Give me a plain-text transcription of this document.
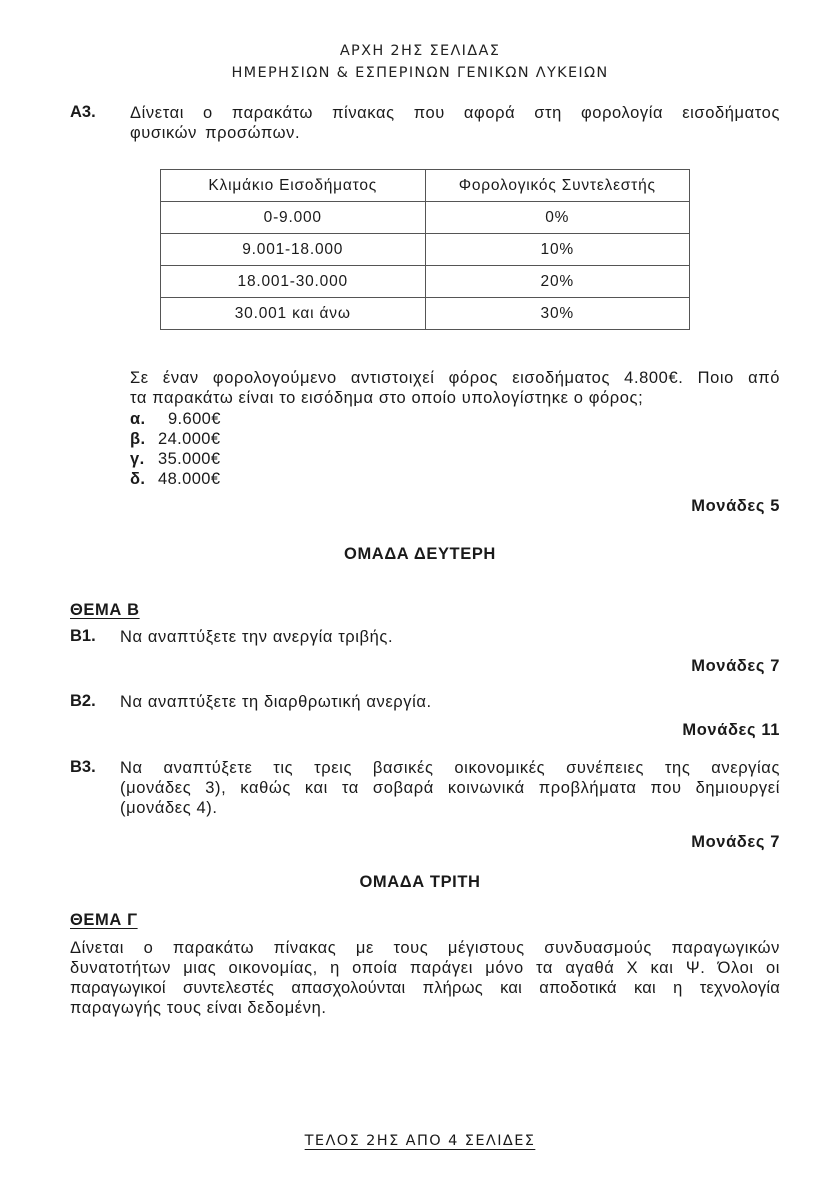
ΑΡΧΗ 2ΗΣ ΣΕΛΙΔΑΣ
ΗΜΕΡΗΣΙΩΝ & ΕΣΠΕΡΙΝΩΝ ΓΕΝΙΚΩΝ ΛΥΚΕΙΩΝ
Α3. Δίνεται ο παρακάτω πίνακας που αφορά στη φορολογία εισοδήματος
φυσικών προσώπων.
Κλιμάκιο Εισοδήματος	Φορολογικός Συντελεστής
0-9.000	0%
9.001-18.000	10%
18.001-30.000	20%
30.001 και άνω	30%
Σε έναν φορολογούμενο αντιστοιχεί φόρος εισοδήματος 4.800€. Ποιο από
τα παρακάτω είναι το εισόδημα στο οποίο υπολογίστηκε ο φόρος;
α.  9.600€
β. 24.000€
γ. 35.000€
δ. 48.000€
Μονάδες 5
ΟΜΑΔΑ ΔΕΥΤΕΡΗ
ΘΕΜΑ Β
Β1. Να αναπτύξετε την ανεργία τριβής.
Μονάδες 7
Β2. Να αναπτύξετε τη διαρθρωτική ανεργία.
Μονάδες 11
Β3. Να αναπτύξετε τις τρεις βασικές οικονομικές συνέπειες της ανεργίας
(μονάδες 3), καθώς και τα σοβαρά κοινωνικά προβλήματα που δημιουργεί
(μονάδες 4).
Μονάδες 7
ΟΜΑΔΑ ΤΡΙΤΗ
ΘΕΜΑ Γ
Δίνεται ο παρακάτω πίνακας με τους μέγιστους συνδυασμούς παραγωγικών
δυνατοτήτων μιας οικονομίας, η οποία παράγει μόνο τα αγαθά Χ και Ψ. Όλοι οι
παραγωγικοί συντελεστές απασχολούνται πλήρως και αποδοτικά και η τεχνολογία
παραγωγής τους είναι δεδομένη.
ΤΕΛΟΣ 2ΗΣ ΑΠΟ 4 ΣΕΛΙΔΕΣ
